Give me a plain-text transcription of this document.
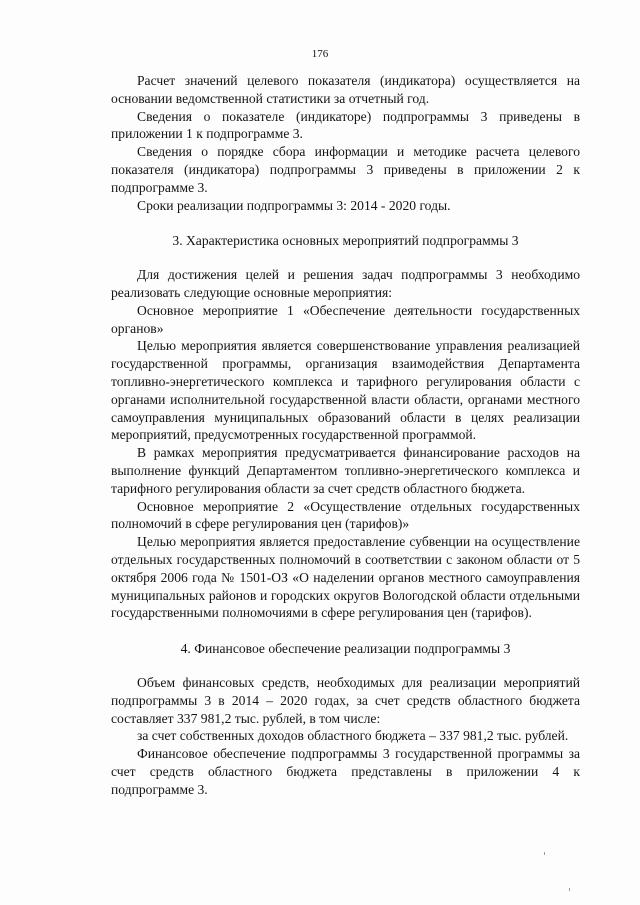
176

Расчет значений целевого показателя (индикатора) осуществляется на основании ведомственной статистики за отчетный год.

Сведения о показателе (индикаторе) подпрограммы 3 приведены в приложении 1 к подпрограмме 3.

Сведения о порядке сбора информации и методике расчета целевого показателя (индикатора) подпрограммы 3 приведены в приложении 2 к подпрограмме 3.

Сроки реализации подпрограммы 3: 2014 - 2020 годы.

3. Характеристика основных мероприятий подпрограммы 3

Для достижения целей и решения задач подпрограммы 3 необходимо реализовать следующие основные мероприятия:

Основное мероприятие 1 «Обеспечение деятельности государственных органов»

Целью мероприятия является совершенствование управления реализацией государственной программы, организация взаимодействия Департамента топливно-энергетического комплекса и тарифного регулирования области с органами исполнительной государственной власти области, органами местного самоуправления муниципальных образований области в целях реализации мероприятий, предусмотренных государственной программой.

В рамках мероприятия предусматривается финансирование расходов на выполнение функций Департаментом топливно-энергетического комплекса и тарифного регулирования области за счет средств областного бюджета.

Основное мероприятие 2 «Осуществление отдельных государственных полномочий в сфере регулирования цен (тарифов)»

Целью мероприятия является предоставление субвенции на осуществление отдельных государственных полномочий в соответствии с законом области от 5 октября 2006 года № 1501-ОЗ «О наделении органов местного самоуправления муниципальных районов и городских округов Вологодской области отдельными государственными полномочиями в сфере регулирования цен (тарифов).

4. Финансовое обеспечение реализации подпрограммы 3

Объем финансовых средств, необходимых для реализации мероприятий подпрограммы 3 в 2014 – 2020 годах, за счет средств областного бюджета составляет 337 981,2 тыс. рублей, в том числе:

за счет собственных доходов областного бюджета – 337 981,2 тыс. рублей.

Финансовое обеспечение подпрограммы 3 государственной программы за счет средств областного бюджета представлены в приложении 4 к подпрограмме 3.
